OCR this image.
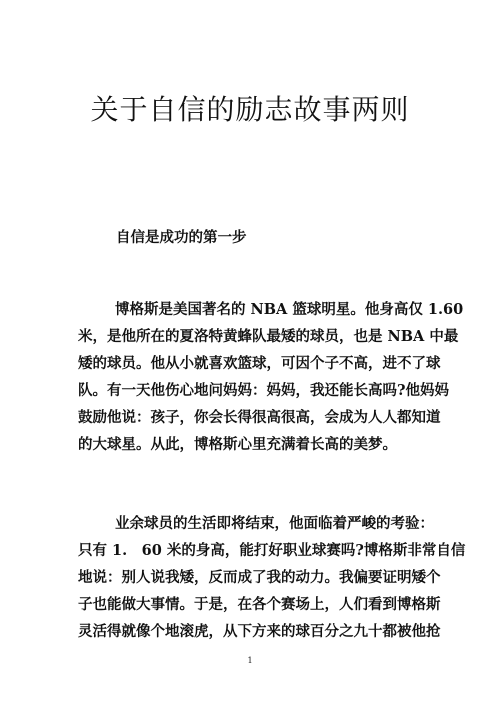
关于自信的励志故事两则
自信是成功的第一步
博格斯是美国著名的 NBA 篮球明星。他身高仅 1.60
米，是他所在的夏洛特黄蜂队最矮的球员，也是 NBA 中最
矮的球员。他从小就喜欢篮球，可因个子不高，进不了球
队。有一天他伤心地问妈妈：妈妈，我还能长高吗?他妈妈
鼓励他说：孩子，你会长得很高很高，会成为人人都知道
的大球星。从此，博格斯心里充满着长高的美梦。
业余球员的生活即将结束，他面临着严峻的考验：
只有 1.　60 米的身高，能打好职业球赛吗?博格斯非常自信
地说：别人说我矮，反而成了我的动力。我偏要证明矮个
子也能做大事情。于是，在各个赛场上，人们看到博格斯
灵活得就像个地滚虎，从下方来的球百分之九十都被他抢
1
